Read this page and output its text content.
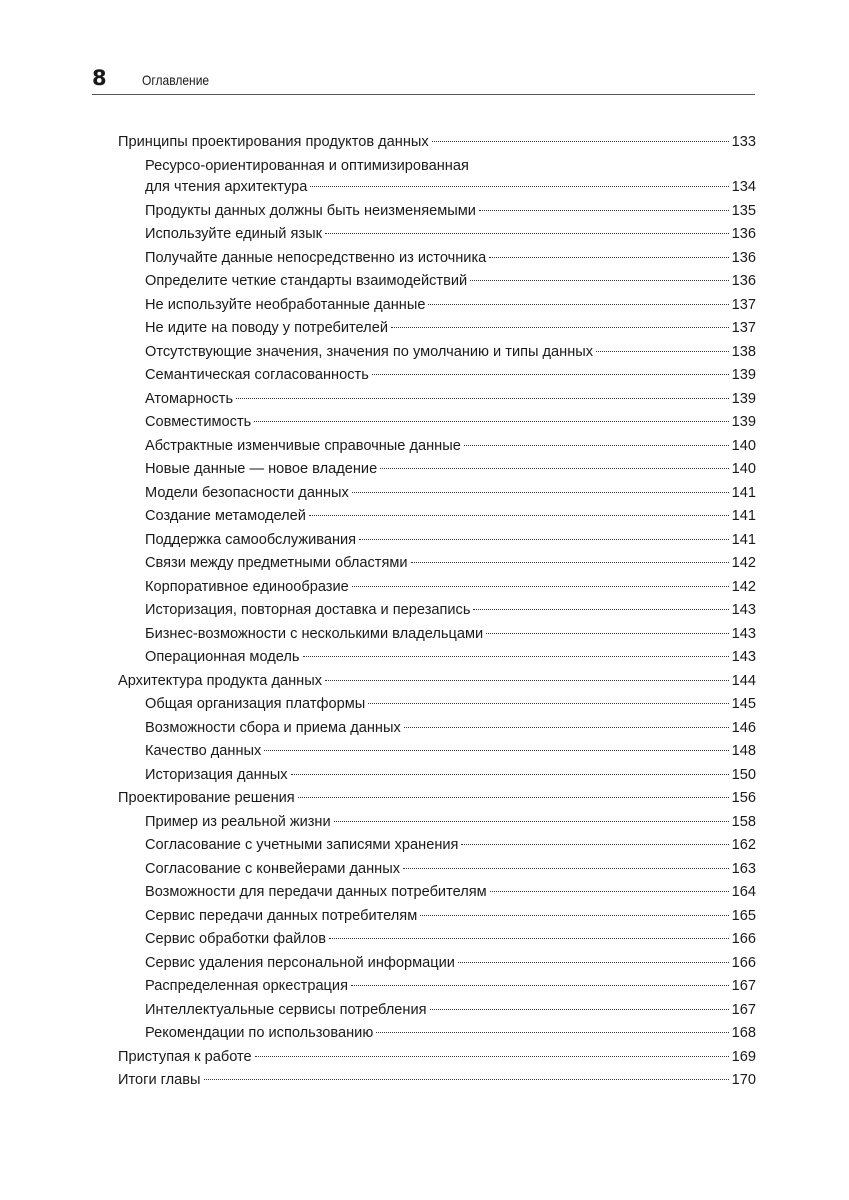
8	Оглавление
Принципы проектирования продуктов данных	133
Ресурсо-ориентированная и оптимизированная
для чтения архитектура	134
Продукты данных должны быть неизменяемыми	135
Используйте единый язык	136
Получайте данные непосредственно из источника	136
Определите четкие стандарты взаимодействий	136
Не используйте необработанные данные	137
Не идите на поводу у потребителей	137
Отсутствующие значения, значения по умолчанию и типы данных	138
Семантическая согласованность	139
Атомарность	139
Совместимость	139
Абстрактные изменчивые справочные данные	140
Новые данные — новое владение	140
Модели безопасности данных	141
Создание метамоделей	141
Поддержка самообслуживания	141
Связи между предметными областями	142
Корпоративное единообразие	142
Историзация, повторная доставка и перезапись	143
Бизнес-возможности с несколькими владельцами	143
Операционная модель	143
Архитектура продукта данных	144
Общая организация платформы	145
Возможности сбора и приема данных	146
Качество данных	148
Историзация данных	150
Проектирование решения	156
Пример из реальной жизни	158
Согласование с учетными записями хранения	162
Согласование с конвейерами данных	163
Возможности для передачи данных потребителям	164
Сервис передачи данных потребителям	165
Сервис обработки файлов	166
Сервис удаления персональной информации	166
Распределенная оркестрация	167
Интеллектуальные сервисы потребления	167
Рекомендации по использованию	168
Приступая к работе	169
Итоги главы	170
